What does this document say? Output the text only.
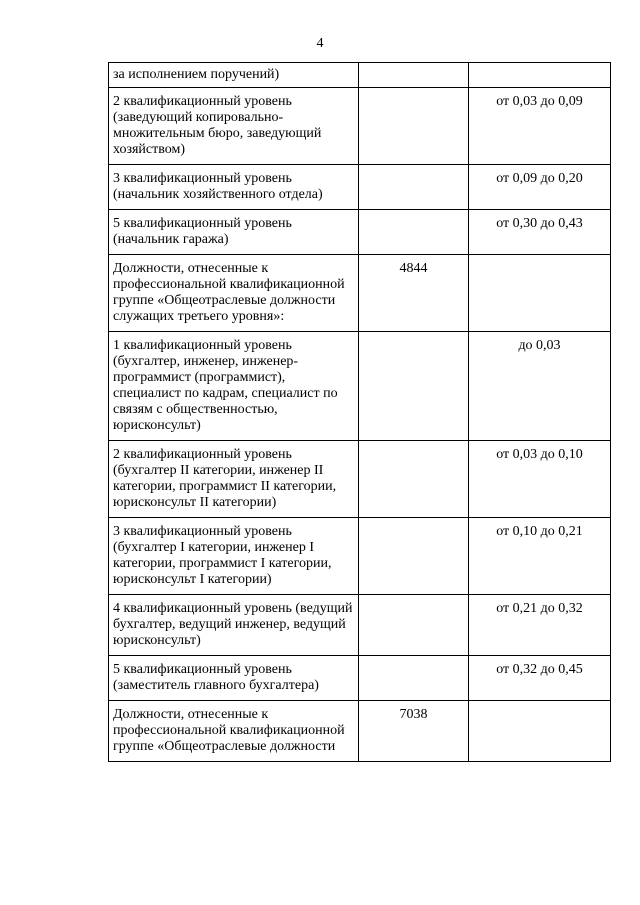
4
за исполнением поручений)		
2 квалификационный уровень (заведующий копировально-множительным бюро, заведующий хозяйством)		от 0,03 до 0,09
3 квалификационный уровень (начальник хозяйственного отдела)		от 0,09 до 0,20
5 квалификационный уровень (начальник гаража)		от 0,30 до 0,43
Должности, отнесенные к профессиональной квалификационной группе «Общеотраслевые должности служащих третьего уровня»:	4844	
1 квалификационный уровень (бухгалтер, инженер, инженер-программист (программист), специалист по кадрам, специалист по связям с общественностью, юрисконсульт)		до 0,03
2 квалификационный уровень (бухгалтер II категории, инженер II категории, программист II категории, юрисконсульт II категории)		от 0,03 до 0,10
3 квалификационный уровень (бухгалтер I категории, инженер I категории, программист I категории, юрисконсульт I категории)		от 0,10 до 0,21
4 квалификационный уровень (ведущий бухгалтер, ведущий инженер, ведущий юрисконсульт)		от 0,21 до 0,32
5 квалификационный уровень (заместитель главного бухгалтера)		от 0,32 до 0,45
Должности, отнесенные к профессиональной квалификационной группе «Общеотраслевые должности	7038	
